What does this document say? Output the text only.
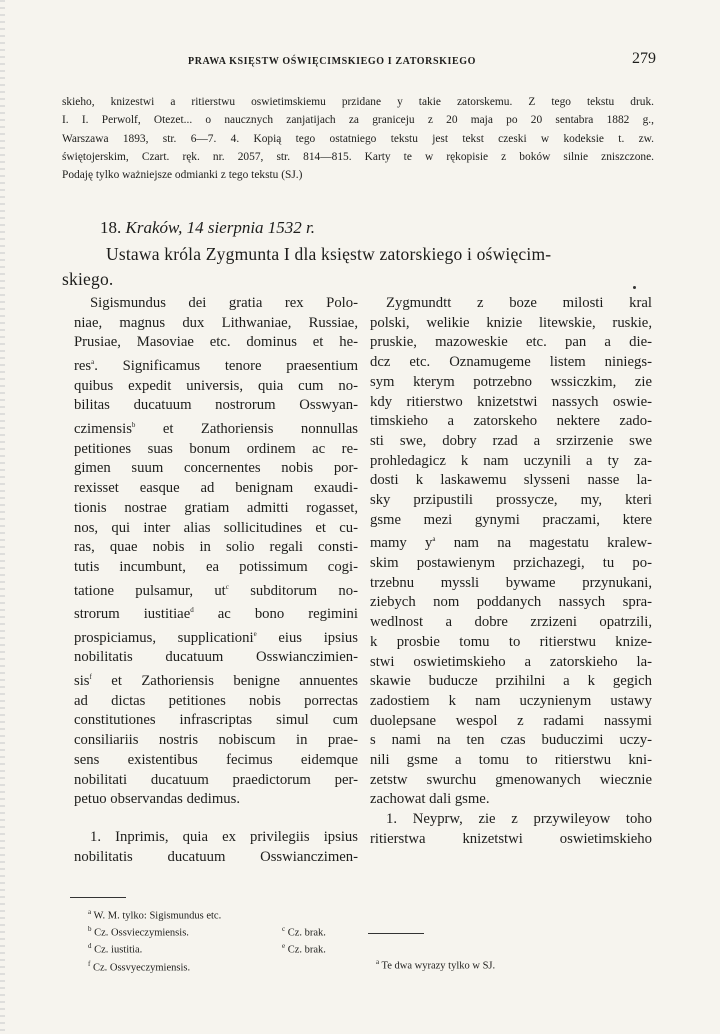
PRAWA KSIĘSTW OŚWIĘCIMSKIEGO I ZATORSKIEGO	279
skieho, knizestwi a ritierstwu oswietimskiemu przidane y takie zatorskemu. Z tego tekstu druk.
I. I. Perwolf, Otezet... o naucznych zanjatijach za graniceju z 20 maja po 20 sentabra 1882 g.,
Warszawa 1893, str. 6—7. 4. Kopią tego ostatniego tekstu jest tekst czeski w kodeksie t. zw.
świętojerskim, Czart. ręk. nr. 2057, str. 814—815. Karty te w rękopisie z boków silnie zniszczone.
Podaję tylko ważniejsze odmianki z tego tekstu (SJ.)
18. Kraków, 14 sierpnia 1532 r.
Ustawa króla Zygmunta I dla księstw zatorskiego i oświęcim-
skiego.
Sigismundus dei gratia rex Polo-
niae, magnus dux Lithwaniae, Russiae,
Prusiae, Masoviae etc. dominus et he-
res$^a$. Significamus tenore praesentium
quibus expedit universis, quia cum no-
bilitas ducatuum nostrorum Osswyan-
czimensis$^b$ et Zathoriensis nonnullas
petitiones suas bonum ordinem ac re-
gimen suum concernentes nobis por-
rexisset easque ad benignam exaudi-
tionis nostrae gratiam admitti rogasset,
nos, qui inter alias sollicitudines et cu-
ras, quae nobis in solio regali consti-
tutis incumbunt, ea potissimum cogi-
tatione pulsamur, $ut^c$ subditorum no-
strorum iustitiae$^d$ ac bono regimini
prospiciamus, supplicationi$^e$ eius ipsius
nobilitatis ducatuum Osswianczimien-
sis$^f$ et Zathoriensis benigne annuentes
ad dictas petitiones nobis porrectas
constitutiones infrascriptas simul cum
consiliariis nostris nobiscum in prae-
sens existentibus fecimus eidemque
nobilitati ducatuum praedictorum per-
petuo observandas dedimus.
1. Inprimis, quia ex privilegiis ipsius
nobilitatis ducatuum Osswianczimen-
Zygmundtt z boze milosti kral
polski, welikie knizie litewskie, ruskie,
pruskie, mazoweskie etc. pan a die-
dcz etc. Oznamugeme listem niniegs-
sym kterym potrzebno wssiczkim, zie
kdy ritierstwo knizetstwi nassych oswie-
timskieho a zatorskeho nektere zado-
sti swe, dobry rzad a srzirzenie swe
prohledagicz k nam uczynili a ty za-
dosti k laskawemu slysseni nasse la-
sky przipustili prossycze, my, kteri
gsme mezi gynymi praczami, ktere
mamy $y^a$ nam na magestatu kralew-
skim postawienym przichazegi, tu po-
trzebnu myssli bywame przynukani,
ziebych nom poddanych nassych spra-
wedlnost a dobre zrzizeni opatrzili,
k prosbie tomu to ritierstwu knize-
stwi oswietimskieho a zatorskieho la-
skawie buducze przihilni a k gegich
zadostiem k nam uczynienym ustawy
duolepsane wespol z radami nassymi
s nami na ten czas buduczimi uczy-
nili gsme a tomu to ritierstwu kni-
zetstw swurchu gmenowanych wiecznie
zachowat dali gsme.
1. Neyprw, zie z przywileyow toho
ritierstwa knizetstwi oswietimskieho
$^a$ W. M. tylko: Sigismundus etc.
$^b$ Cz. Ossvieczymiensis.
$^d$ Cz. iustitia.
$^f$ Cz. Ossvyeczymiensis.
$^c$ Cz. brak.
$^e$ Cz. brak.
$^a$ Te dwa wyrazy tylko w SJ.
